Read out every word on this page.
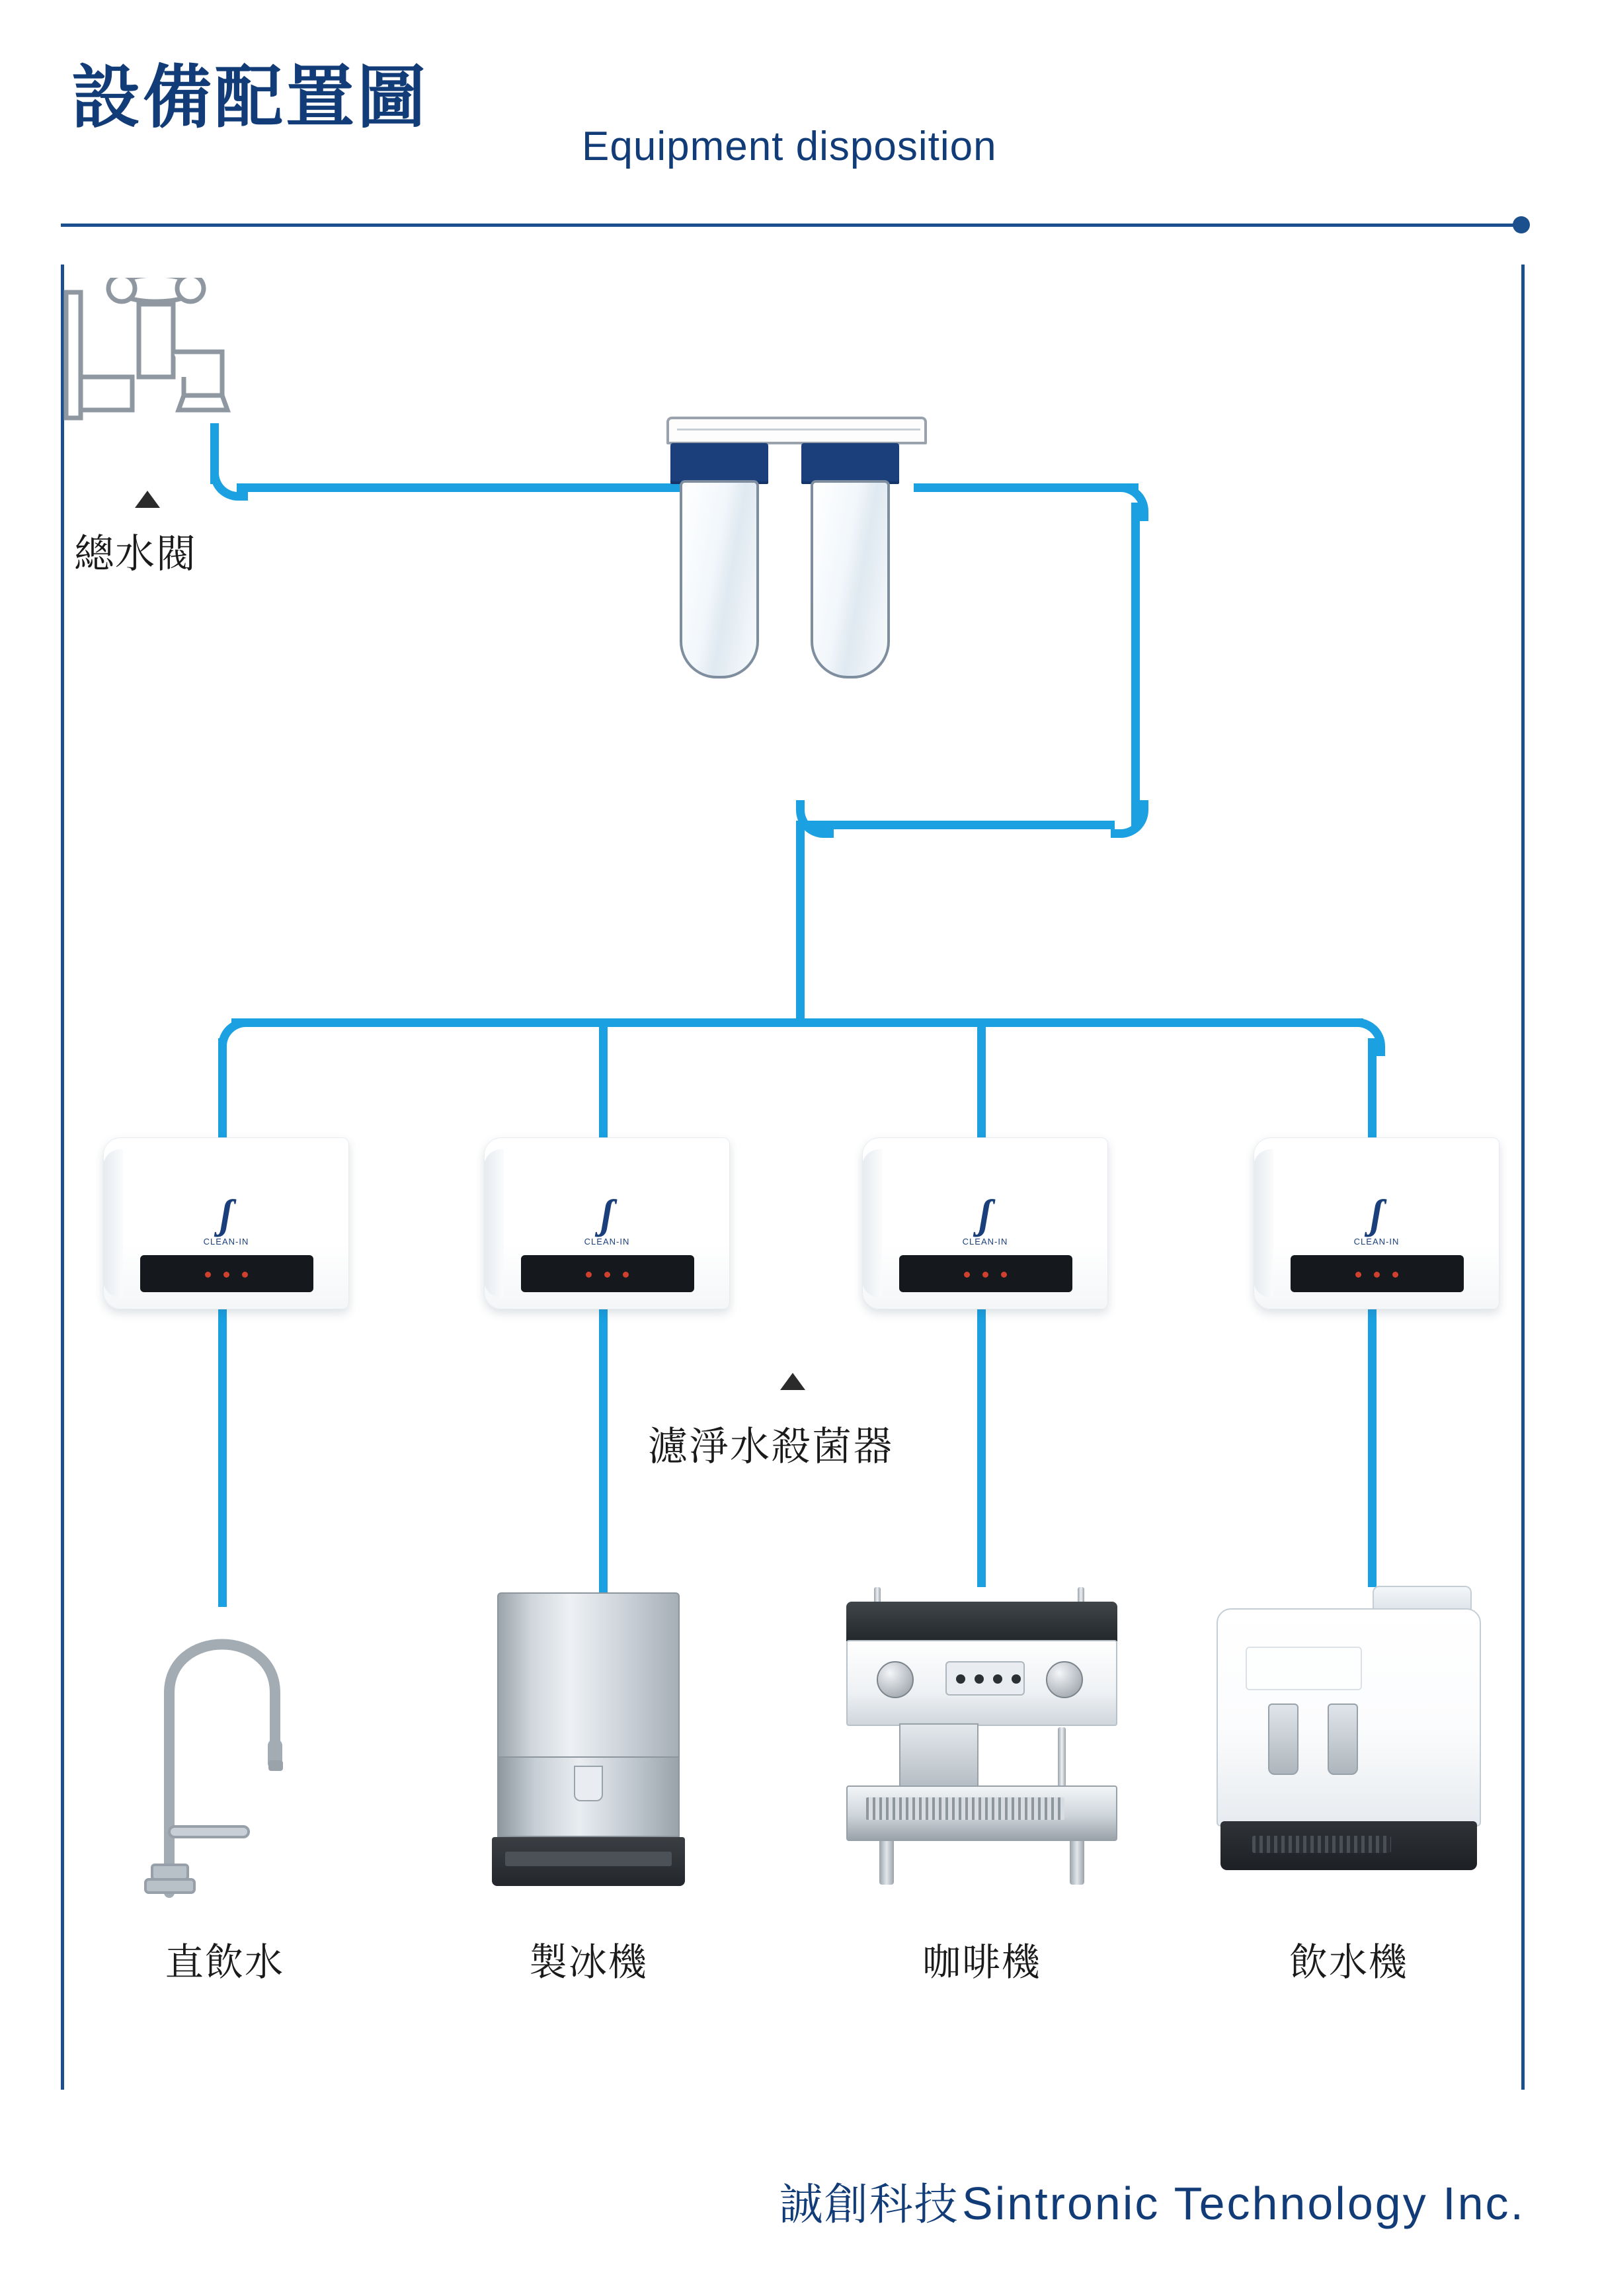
設備配置圖
Equipment disposition
總水閥
ʃ
CLEAN-IN
ʃ
CLEAN-IN
ʃ
CLEAN-IN
ʃ
CLEAN-IN
濾淨水殺菌器
直飲水	製冰機	咖啡機	飲水機
誠創科技 Sintronic Technology Inc.
